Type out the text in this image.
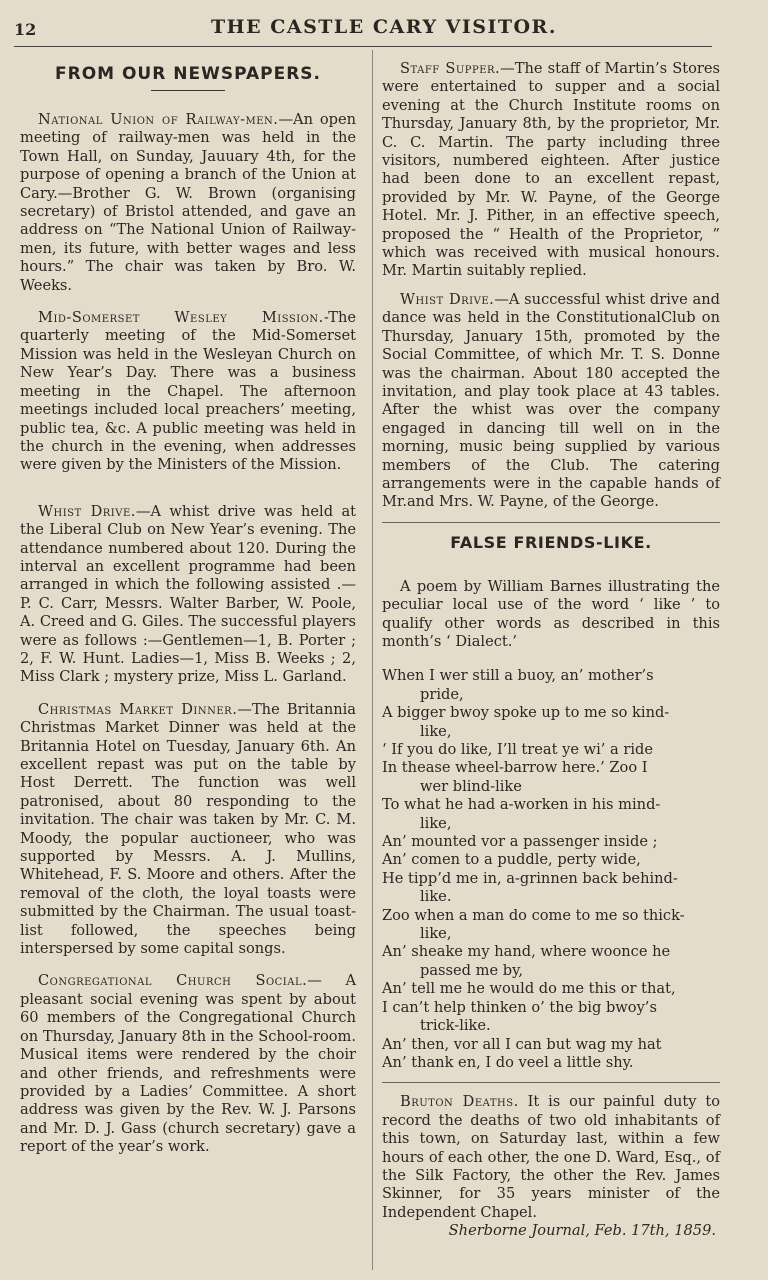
12	THE CASTLE CARY VISITOR.
FROM OUR NEWSPAPERS.

National Union of Railway-men.—An open meeting of railway-men was held in the Town Hall, on Sunday, Jauuary 4th, for the purpose of opening a branch of the Union at Cary.—Brother G. W. Brown (organising secretary) of Bristol attended, and gave an address on “The National Union of Railway-men, its future, with better wages and less hours.” The chair was taken by Bro. W. Weeks.

Mid-Somerset Wesley Mission.-The quarterly meeting of the Mid-Somerset Mission was held in the Wesleyan Church on New Year’s Day. There was a business meeting in the Chapel. The afternoon meetings included local preachers’ meeting, public tea, &c. A public meeting was held in the church in the evening, when addresses were given by the Ministers of the Mission.

Whist Drive.—A whist drive was held at the Liberal Club on New Year’s evening. The attendance numbered about 120. During the interval an excellent programme had been arranged in which the following assisted .—P. C. Carr, Messrs. Walter Barber, W. Poole, A. Creed and G. Giles. The successful players were as follows :—Gentlemen—1, B. Porter ; 2, F. W. Hunt. Ladies—1, Miss B. Weeks ; 2, Miss Clark ; mystery prize, Miss L. Garland.

Christmas Market Dinner.—The Britannia Christmas Market Dinner was held at the Britannia Hotel on Tuesday, January 6th. An excellent repast was put on the table by Host Derrett. The function was well patronised, about 80 responding to the invitation. The chair was taken by Mr. C. M. Moody, the popular auctioneer, who was supported by Messrs. A. J. Mullins, Whitehead, F. S. Moore and others. After the removal of the cloth, the loyal toasts were submitted by the Chairman. The usual toast-list followed, the speeches being interspersed by some capital songs.

Congregational Church Social.— A pleasant social evening was spent by about 60 members of the Congregational Church on Thursday, January 8th in the School-room. Musical items were rendered by the choir and other friends, and refreshments were provided by a Ladies’ Committee. A short address was given by the Rev. W. J. Parsons and Mr. D. J. Gass (church secretary) gave a report of the year’s work.

Staff Supper.—The staff of Martin’s Stores were entertained to supper and a social evening at the Church Institute rooms on Thursday, January 8th, by the proprietor, Mr. C. C. Martin. The party including three visitors, numbered eighteen. After justice had been done to an excellent repast, provided by Mr. W. Payne, of the George Hotel. Mr. J. Pither, in an effective speech, proposed the “ Health of the Proprietor, ” which was received with musical honours. Mr. Martin suitably replied.

Whist Drive.—A successful whist drive and dance was held in the ConstitutionalClub on Thursday, January 15th, promoted by the Social Committee, of which Mr. T. S. Donne was the chairman. About 180 accepted the invitation, and play took place at 43 tables. After the whist was over the company engaged in dancing till well on in the morning, music being supplied by various members of the Club. The catering arrangements were in the capable hands of Mr.and Mrs. W. Payne, of the George.

FALSE FRIENDS-LIKE.

A poem by William Barnes illustrating the peculiar local use of the word ‘ like ’ to qualify other words as described in this month’s ‘ Dialect.’

When I wer still a buoy, an’ mother’s
pride,
A bigger bwoy spoke up to me so kind-
like,
‘ If you do like, I’ll treat ye wi’ a ride
In thease wheel-barrow here.’ Zoo I
wer blind-like
To what he had a-worken in his mind-
like,
An’ mounted vor a passenger inside ;
An’ comen to a puddle, perty wide,
He tipp’d me in, a-grinnen back behind-
like.
Zoo when a man do come to me so thick-
like,
An’ sheake my hand, where woonce he
passed me by,
An’ tell me he would do me this or that,
I can’t help thinken o’ the big bwoy’s
trick-like.
An’ then, vor all I can but wag my hat
An’ thank en, I do veel a little shy.

Bruton Deaths. It is our painful duty to record the deaths of two old inhabitants of this town, on Saturday last, within a few hours of each other, the one D. Ward, Esq., of the Silk Factory, the other the Rev. James Skinner, for 35 years minister of the Independent Chapel.

Sherborne Journal, Feb. 17th, 1859.
